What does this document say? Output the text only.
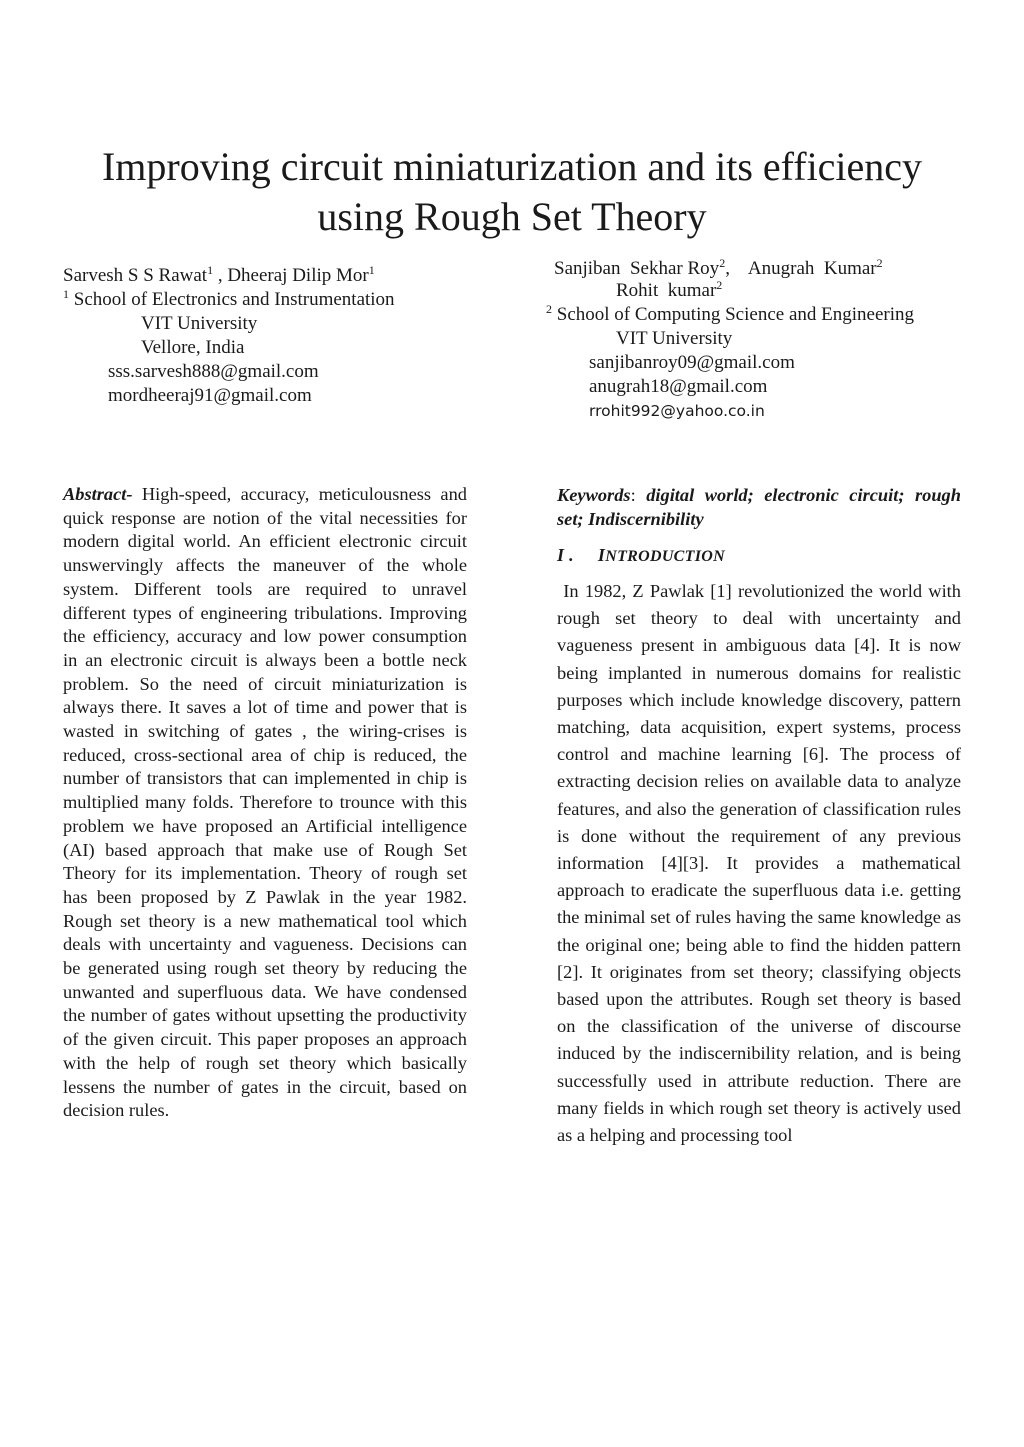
Improving circuit miniaturization and its efficiency
using Rough Set Theory
Sarvesh S S Rawat$^1$ , Dheeraj Dilip Mor$^1$
$^1$ School of Electronics and Instrumentation
VIT University
Vellore, India
sss.sarvesh888@gmail.com
mordheeraj91@gmail.com
Sanjiban  Sekhar Roy$^2$,    Anugrah  Kumar$^2$
Rohit  kumar$^2$
$^2$ School of Computing Science and Engineering
VIT University
sanjibanroy09@gmail.com
anugrah18@gmail.com
rrohit992@yahoo.co.in

Abstract- High-speed, accuracy, meticulousness and quick response are notion of the vital necessities for modern digital world. An efficient electronic circuit unswervingly affects the maneuver of the whole system. Different tools are required to unravel different types of engineering tribulations. Improving the efficiency, accuracy and low power consumption in an electronic circuit is always been a bottle neck problem. So the need of circuit miniaturization is always there. It saves a lot of time and power that is wasted in switching of gates , the wiring-crises is reduced, cross-sectional area of chip is reduced, the number of transistors that can implemented in chip is multiplied many folds. Therefore to trounce with this problem we have proposed an Artificial intelligence (AI) based approach that make use of Rough Set Theory for its implementation. Theory of rough set has been proposed by Z Pawlak in the year 1982. Rough set theory is a new mathematical tool which deals with uncertainty and vagueness. Decisions can be generated using rough set theory by reducing the unwanted and superfluous data. We have condensed the number of gates without upsetting the productivity of the given circuit. This paper proposes an approach with the help of rough set theory which basically lessens the number of gates in the circuit, based on decision rules.

Keywords: digital world; electronic circuit; rough set; Indiscernibility

I . INTRODUCTION

In 1982, Z Pawlak [1] revolutionized the world with rough set theory to deal with uncertainty and vagueness present in ambiguous data [4]. It is now being implanted in numerous domains for realistic purposes which include knowledge discovery, pattern matching, data acquisition, expert systems, process control and machine learning [6]. The process of extracting decision relies on available data to analyze features, and also the generation of classification rules is done without the requirement of any previous information [4][3]. It provides a mathematical approach to eradicate the superfluous data i.e. getting the minimal set of rules having the same knowledge as the original one; being able to find the hidden pattern [2]. It originates from set theory; classifying objects based upon the attributes. Rough set theory is based on the classification of the universe of discourse induced by the indiscernibility relation, and is being successfully used in attribute reduction. There are many fields in which rough set theory is actively used as a helping and processing tool
